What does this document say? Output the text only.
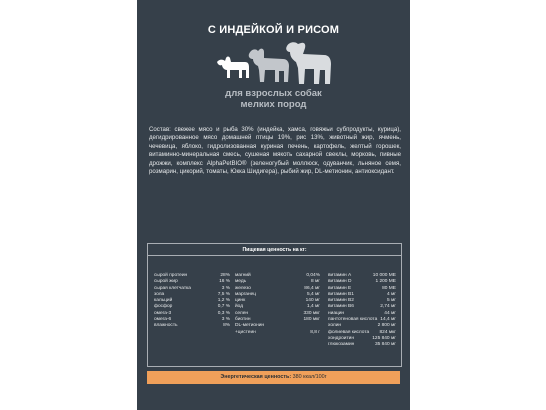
С ИНДЕЙКОЙ И РИСОМ
для взрослых собак
мелких пород
Состав: свежее мясо и рыба 30% (индейка, хамса, говяжьи субпродукты, курица), дегидрированное мясо домашней птицы 19%, рис 13%, животный жир, ячмень, чечевица, яблоко, гидролизованная куриная печень, картофель, желтый горошек, витаминно-минеральная смесь, сушеная мякоть сахарной свеклы, морковь, пивные дрожжи, комплекс AlphaPetBIO® (зеленогубый моллюск, одуванчик, льняное семя, розмарин, цикорий, томаты, Юкка Шидигера), рыбий жир, DL-метионин, антиоксидант.
Пищевая ценность на кг:
сырой протеин	28%
сырой жир	16 %
сырая клетчатка	3 %
зола	7,5 %
кальций	1,2 %
фосфор	0,7 %
омега-3	0,3 %
омега-6	3 %
влажность	8%
магний	0,04%
медь	8 мг
железо	86,4 мг
марганец	5,4 мг
цинк	140 мг
йод	1,4 мг
селен	330 мкг
биотин	180 мкг
DL-метионин
+цистеин	8,8 г
витамин А	10 000 МЕ
витамин D	1 200 МЕ
витамин Е	80 МЕ
витамин В1	4 мг
витамин В2	5 мг
витамин В6	2,74 мг
ниацин	44 мг
пантотеновая кислота 14,4 мг
холин	2 800 мг
фолиевая кислота 824 мкг
хондроитин	125 840 мг
глюкозамин	35 840 мг
Энергетическая ценность: 380 ккал/100г
